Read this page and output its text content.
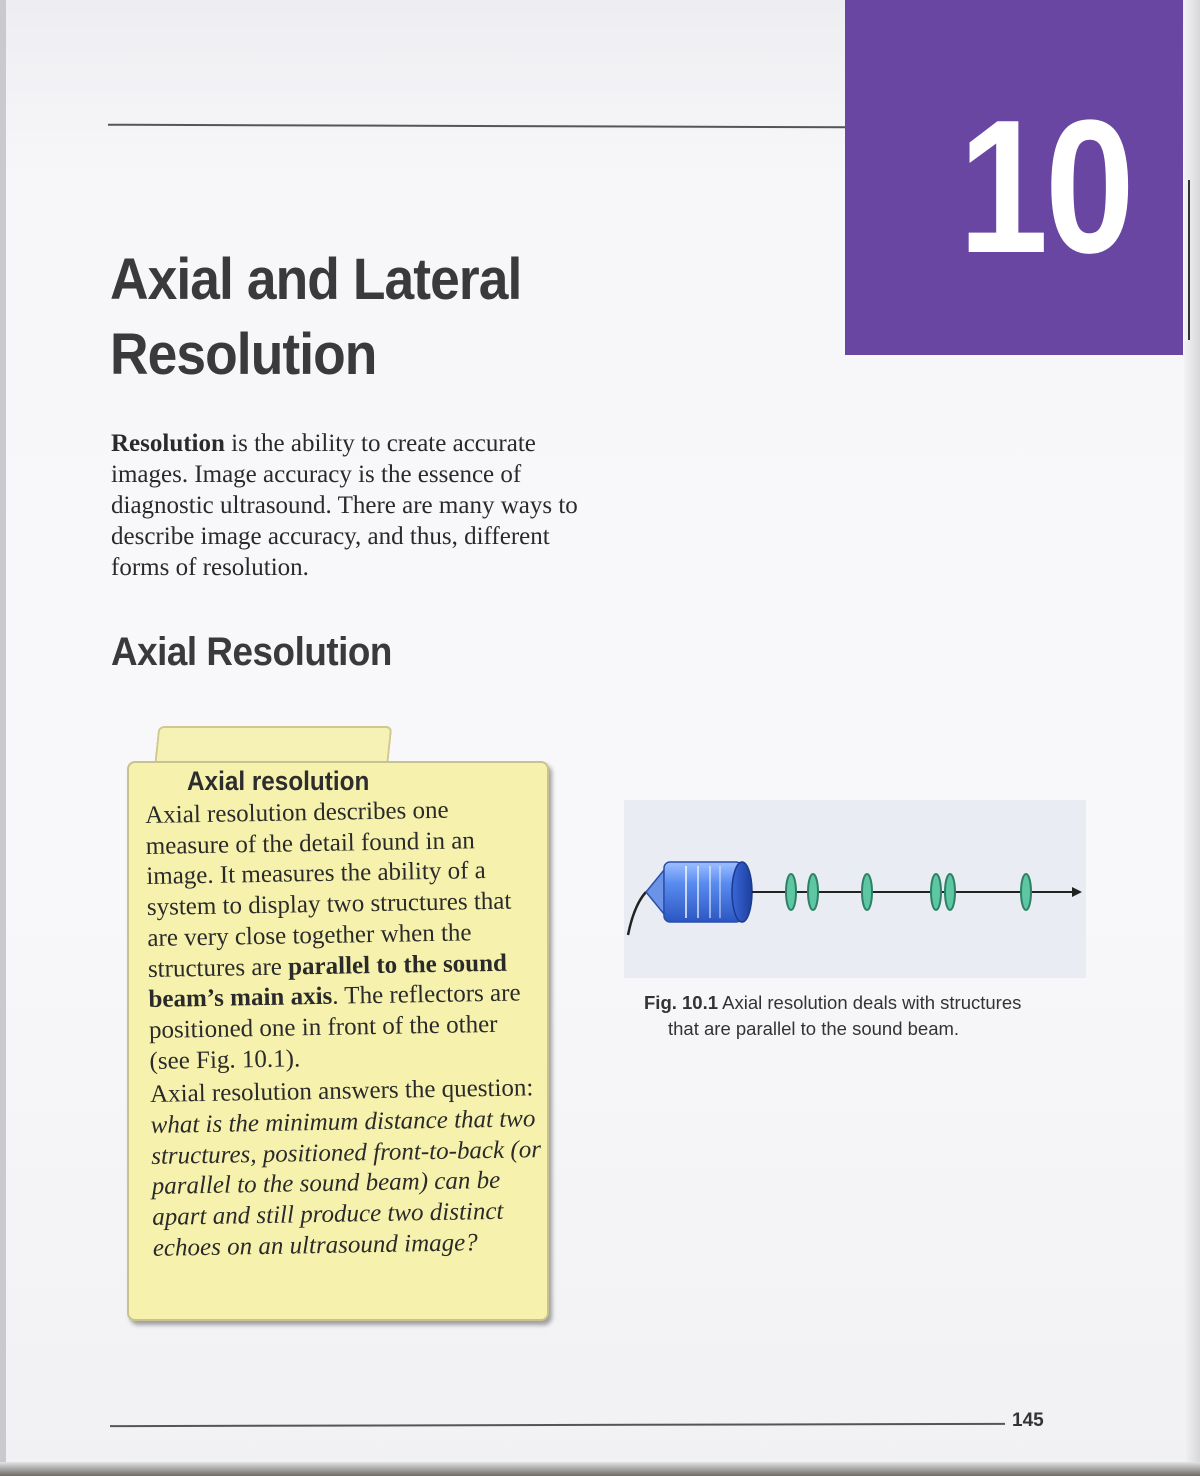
10
Axial and Lateral
Resolution

Resolution is the ability to create accurate images. Image accuracy is the essence of diagnostic ultrasound. There are many ways to describe image accuracy, and thus, different forms of resolution.

Axial Resolution
Axial resolution

Axial resolution describes one measure of the detail found in an image. It measures the ability of a system to display two structures that are very close together when the structures are parallel to the sound beam’s main axis. The reflectors are positioned one in front of the other (see Fig. 10.1).

Axial resolution answers the question: what is the minimum distance that two structures, positioned front-to-back (or parallel to the sound beam) can be apart and still produce two distinct echoes on an ultrasound image?

Fig. 10.1 Axial resolution deals with structures
that are parallel to the sound beam.

145
